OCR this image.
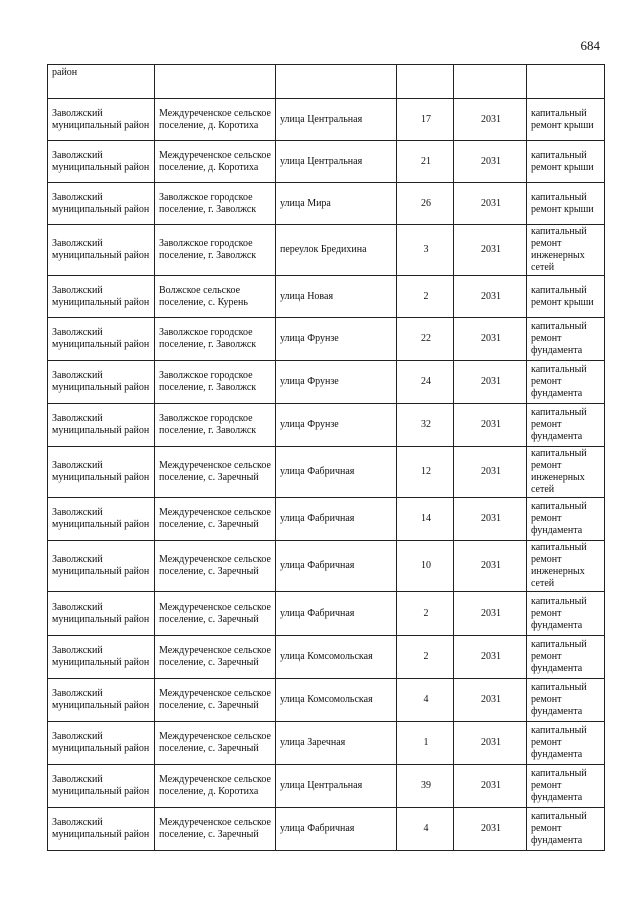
684
район					
Заволжский муниципальный район	Междуреченское сельское поселение, д. Коротиха	улица Центральная	17	2031	капитальный ремонт крыши
Заволжский муниципальный район	Междуреченское сельское поселение, д. Коротиха	улица Центральная	21	2031	капитальный ремонт крыши
Заволжский муниципальный район	Заволжское городское поселение, г. Заволжск	улица Мира	26	2031	капитальный ремонт крыши
Заволжский муниципальный район	Заволжское городское поселение, г. Заволжск	переулок Бредихина	3	2031	капитальный ремонт инженерных сетей
Заволжский муниципальный район	Волжское сельское поселение, с. Курень	улица Новая	2	2031	капитальный ремонт крыши
Заволжский муниципальный район	Заволжское городское поселение, г. Заволжск	улица Фрунзе	22	2031	капитальный ремонт фундамента
Заволжский муниципальный район	Заволжское городское поселение, г. Заволжск	улица Фрунзе	24	2031	капитальный ремонт фундамента
Заволжский муниципальный район	Заволжское городское поселение, г. Заволжск	улица Фрунзе	32	2031	капитальный ремонт фундамента
Заволжский муниципальный район	Междуреченское сельское поселение, с. Заречный	улица Фабричная	12	2031	капитальный ремонт инженерных сетей
Заволжский муниципальный район	Междуреченское сельское поселение, с. Заречный	улица Фабричная	14	2031	капитальный ремонт фундамента
Заволжский муниципальный район	Междуреченское сельское поселение, с. Заречный	улица Фабричная	10	2031	капитальный ремонт инженерных сетей
Заволжский муниципальный район	Междуреченское сельское поселение, с. Заречный	улица Фабричная	2	2031	капитальный ремонт фундамента
Заволжский муниципальный район	Междуреченское сельское поселение, с. Заречный	улица Комсомольская	2	2031	капитальный ремонт фундамента
Заволжский муниципальный район	Междуреченское сельское поселение, с. Заречный	улица Комсомольская	4	2031	капитальный ремонт фундамента
Заволжский муниципальный район	Междуреченское сельское поселение, с. Заречный	улица Заречная	1	2031	капитальный ремонт фундамента
Заволжский муниципальный район	Междуреченское сельское поселение, д. Коротиха	улица Центральная	39	2031	капитальный ремонт фундамента
Заволжский муниципальный район	Междуреченское сельское поселение, с. Заречный	улица Фабричная	4	2031	капитальный ремонт фундамента
